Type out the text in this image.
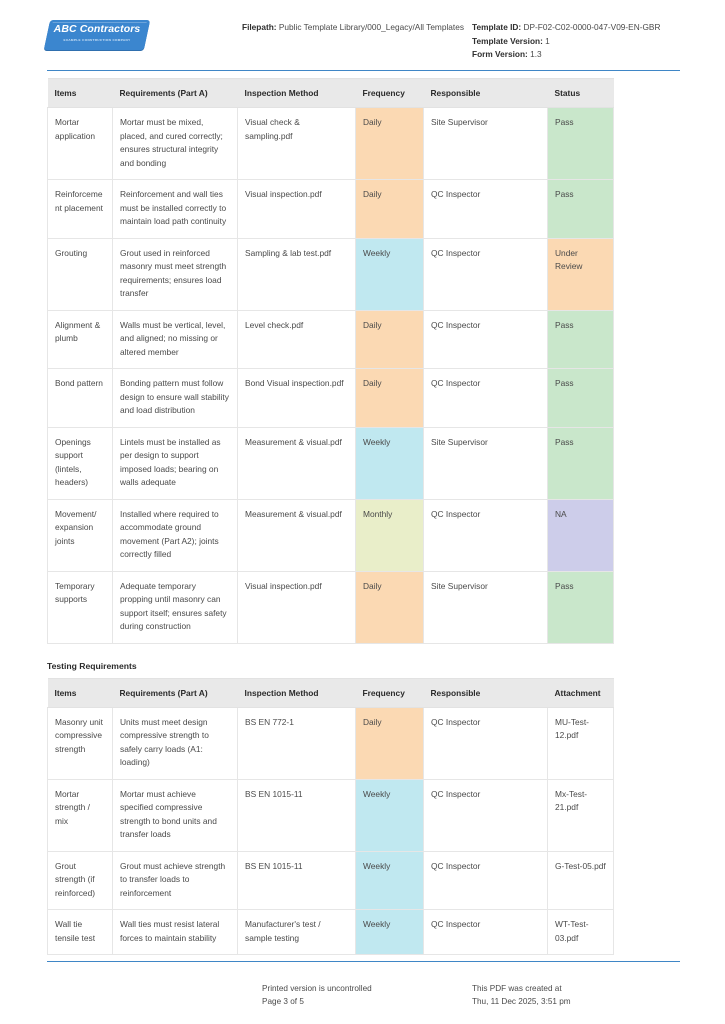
ABC Contractors
EXAMPLE CONSTRUCTION COMPANY
Filepath: Public Template Library/000_Legacy/All Templates Template ID: DP-F02-C02-0000-047-V09-EN-GBR
Template Version: 1
Form Version: 1.3
Items	Requirements (Part A)	Inspection Method	Frequency	Responsible	Status
Mortar application	Mortar must be mixed, placed, and cured correctly; ensures structural integrity and bonding	Visual check & sampling.pdf	Daily	Site Supervisor	Pass
Reinforcement placement	Reinforcement and wall ties must be installed correctly to maintain load path continuity	Visual inspection.pdf	Daily	QC Inspector	Pass
Grouting	Grout used in reinforced masonry must meet strength requirements; ensures load transfer	Sampling & lab test.pdf	Weekly	QC Inspector	Under Review
Alignment & plumb	Walls must be vertical, level, and aligned; no missing or altered member	Level check.pdf	Daily	QC Inspector	Pass
Bond pattern	Bonding pattern must follow design to ensure wall stability and load distribution	Bond Visual inspection.pdf	Daily	QC Inspector	Pass
Openings support (lintels, headers)	Lintels must be installed as per design to support imposed loads; bearing on walls adequate	Measurement & visual.pdf	Weekly	Site Supervisor	Pass
Movement/ expansion joints	Installed where required to accommodate ground movement (Part A2); joints correctly filled	Measurement & visual.pdf	Monthly	QC Inspector	NA
Temporary supports	Adequate temporary propping until masonry can support itself; ensures safety during construction	Visual inspection.pdf	Daily	Site Supervisor	Pass
Testing Requirements
Items	Requirements (Part A)	Inspection Method	Frequency	Responsible	Attachment
Masonry unit compressive strength	Units must meet design compressive strength to safely carry loads (A1: loading)	BS EN 772-1	Daily	QC Inspector	MU-Test-12.pdf
Mortar strength / mix	Mortar must achieve specified compressive strength to bond units and transfer loads	BS EN 1015-11	Weekly	QC Inspector	Mx-Test-21.pdf
Grout strength (if reinforced)	Grout must achieve strength to transfer loads to reinforcement	BS EN 1015-11	Weekly	QC Inspector	G-Test-05.pdf
Wall tie tensile test	Wall ties must resist lateral forces to maintain stability	Manufacturer's test / sample testing	Weekly	QC Inspector	WT-Test-03.pdf
Printed version is uncontrolled
Page 3 of 5
This PDF was created at
Thu, 11 Dec 2025, 3:51 pm
